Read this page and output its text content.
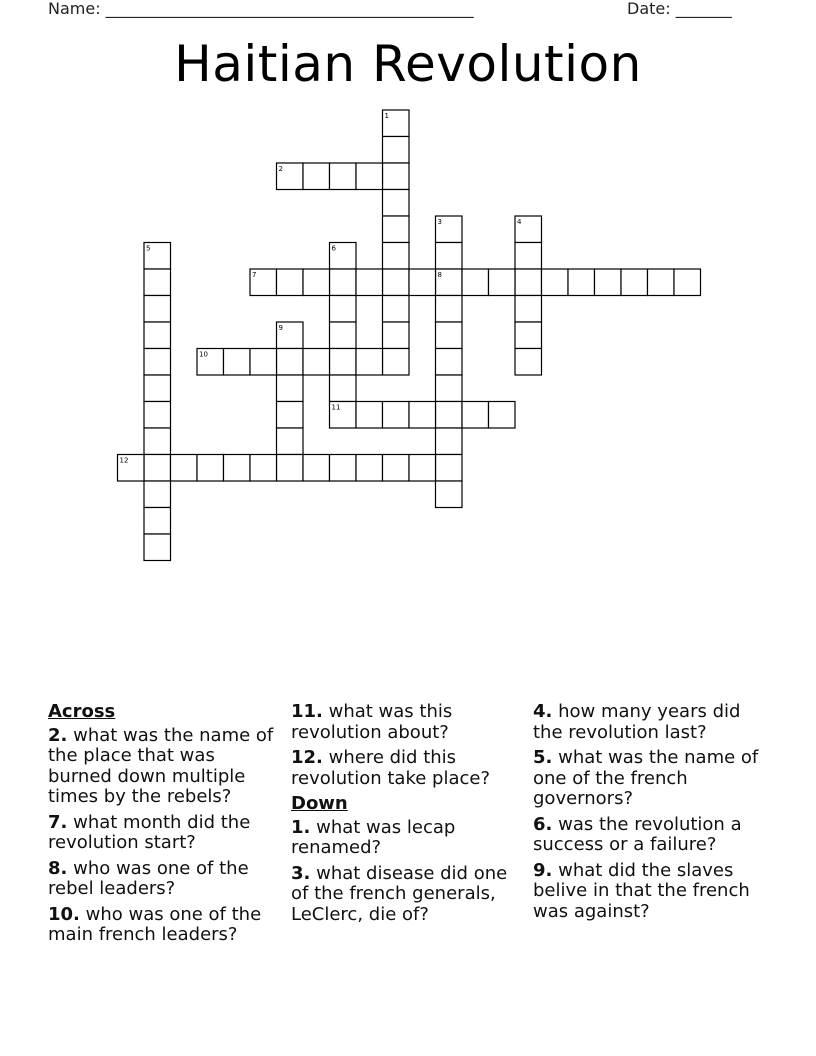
Name: ______________________________________________	Date: _______
Haitian Revolution
1
2
3	4
5	6
7	8
9
10
11
12
Across
2. what was the name of the place that was burned down multiple times by the rebels?
7. what month did the revolution start?
8. who was one of the rebel leaders?
10. who was one of the main french leaders?
11. what was this revolution about?
12. where did this revolution take place?
Down
1. what was lecap renamed?
3. what disease did one of the french generals, LeClerc, die of?
4. how many years did the revolution last?
5. what was the name of one of the french governors?
6. was the revolution a success or a failure?
9. what did the slaves belive in that the french was against?
